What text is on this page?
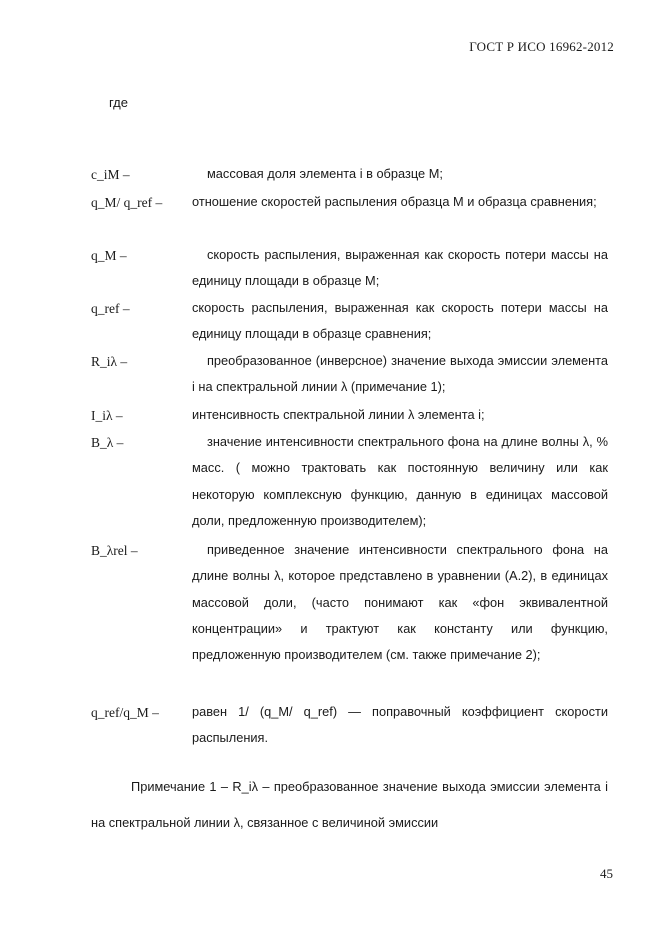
ГОСТ Р ИСО 16962-2012
где
c_iM –	массовая доля элемента i в образце M;
q_M/ q_ref –	отношение скоростей распыления образца M и образца сравнения;
q_M –	скорость распыления, выраженная как скорость потери массы на единицу площади в образце M;
q_ref –	скорость распыления, выраженная как скорость потери массы на единицу площади в образце сравнения;
R_iλ –	преобразованное (инверсное) значение выхода эмиссии элемента i на спектральной линии λ (примечание 1);
I_iλ –	интенсивность спектральной линии λ элемента i;
B_λ –	значение интенсивности спектрального фона на длине волны λ, % масс. ( можно трактовать как постоянную величину или как некоторую комплексную функцию, данную в единицах массовой доли, предложенную производителем);
B_λrel –	приведенное значение интенсивности спектрального фона на длине волны λ, которое представлено в уравнении (А.2), в единицах массовой доли, (часто понимают как «фон эквивалентной концентрации» и трактуют как константу или функцию, предложенную производителем (см. также примечание 2);
q_ref/q_M –	равен 1/ (q_M/ q_ref) — поправочный коэффициент скорости распыления.
Примечание 1 – R_iλ – преобразованное значение выхода эмиссии элемента i на спектральной линии λ, связанное с величиной эмиссии
45
